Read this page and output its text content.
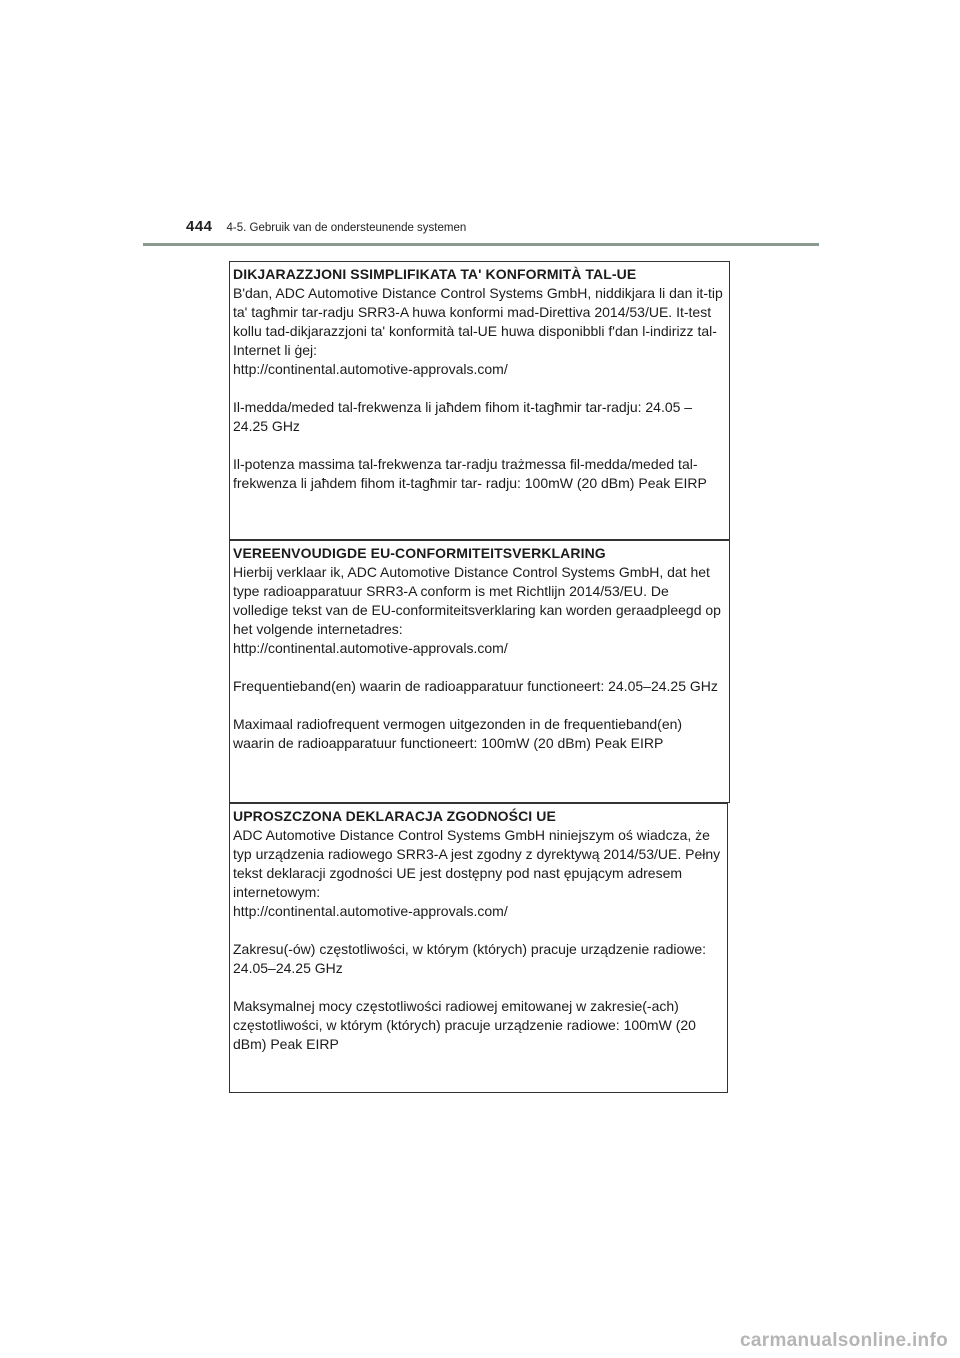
444 4-5. Gebruik van de ondersteunende systemen

DIKJARAZZJONI SSIMPLIFIKATA TA' KONFORMITÀ TAL-UE

B'dan, ADC Automotive Distance Control Systems GmbH, niddikjara li dan it-tip ta' tagħmir tar-radju SRR3-A huwa konformi mad-Direttiva 2014/53/UE. It-test kollu tad-dikjarazzjoni ta' konformità tal-UE huwa disponibbli f'dan l-indirizz tal-Internet li ġej:

http://continental.automotive-approvals.com/

Il-medda/meded tal-frekwenza li jaħdem fihom it-tagħmir tar-radju: 24.05 –24.25 GHz

Il-potenza massima tal-frekwenza tar-radju trażmessa fil-medda/meded tal-frekwenza li jaħdem fihom it-tagħmir tar- radju: 100mW (20 dBm) Peak EIRP

VEREENVOUDIGDE EU-CONFORMITEITSVERKLARING

Hierbij verklaar ik, ADC Automotive Distance Control Systems GmbH, dat het type radioapparatuur SRR3-A conform is met Richtlijn 2014/53/EU. De volledige tekst van de EU-conformiteitsverklaring kan worden geraadpleegd op het volgende internetadres:

http://continental.automotive-approvals.com/

Frequentieband(en) waarin de radioapparatuur functioneert: 24.05–24.25 GHz

Maximaal radiofrequent vermogen uitgezonden in de frequentieband(en) waarin de radioapparatuur functioneert: 100mW (20 dBm) Peak EIRP

UPROSZCZONA DEKLARACJA ZGODNOŚCI UE

ADC Automotive Distance Control Systems GmbH niniejszym oś wiadcza, że typ urządzenia radiowego SRR3-A jest zgodny z dyrektywą 2014/53/UE. Pełny tekst deklaracji zgodności UE jest dostępny pod nast ępującym adresem internetowym:

http://continental.automotive-approvals.com/

Zakresu(-ów) częstotliwości, w którym (których) pracuje urządzenie radiowe: 24.05–24.25 GHz

Maksymalnej mocy częstotliwości radiowej emitowanej w zakresie(-ach) częstotliwości, w którym (których) pracuje urządzenie radiowe: 100mW (20 dBm) Peak EIRP

carmanualsonline.info
